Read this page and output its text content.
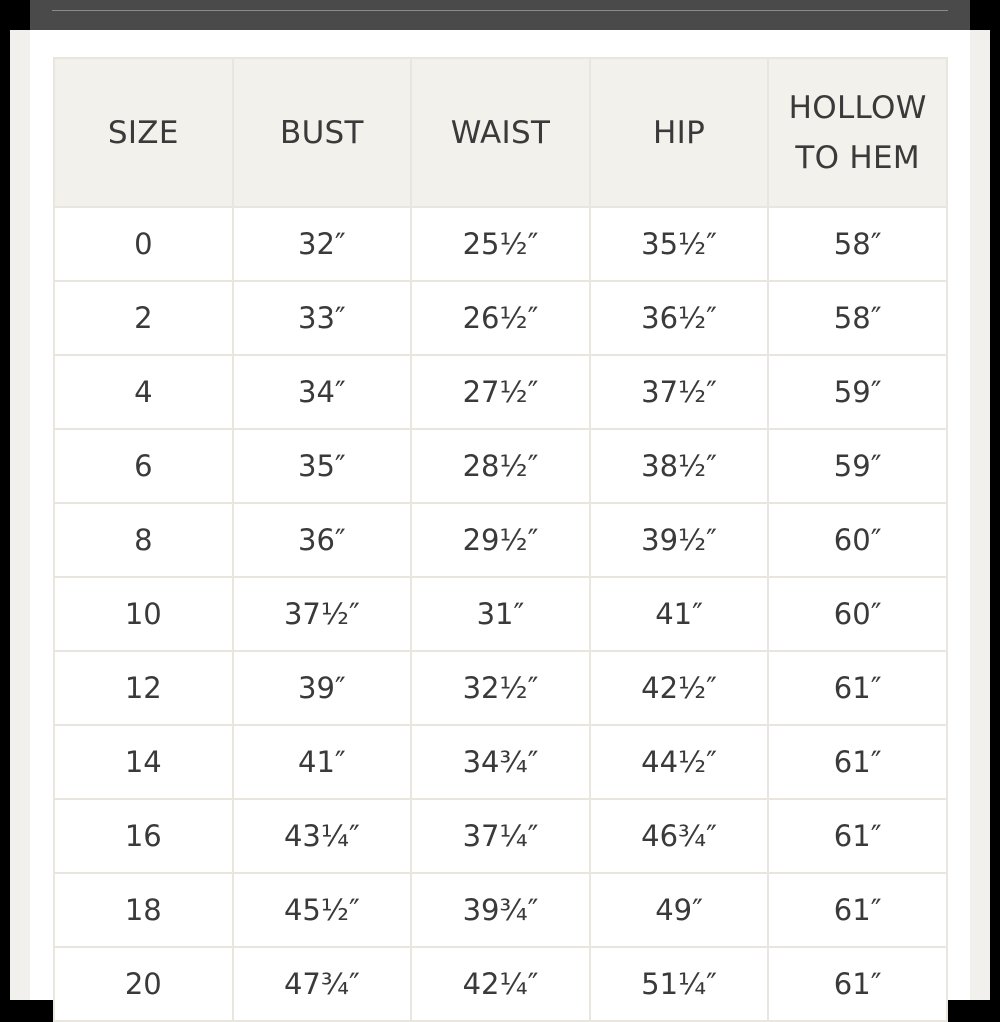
SIZE	BUST	WAIST	HIP	HOLLOW
TO HEM
0	32″	25½″	35½″	58″
2	33″	26½″	36½″	58″
4	34″	27½″	37½″	59″
6	35″	28½″	38½″	59″
8	36″	29½″	39½″	60″
10	37½″	31″	41″	60″
12	39″	32½″	42½″	61″
14	41″	34¾″	44½″	61″
16	43¼″	37¼″	46¾″	61″
18	45½″	39¾″	49″	61″
20	47¾″	42¼″	51¼″	61″
